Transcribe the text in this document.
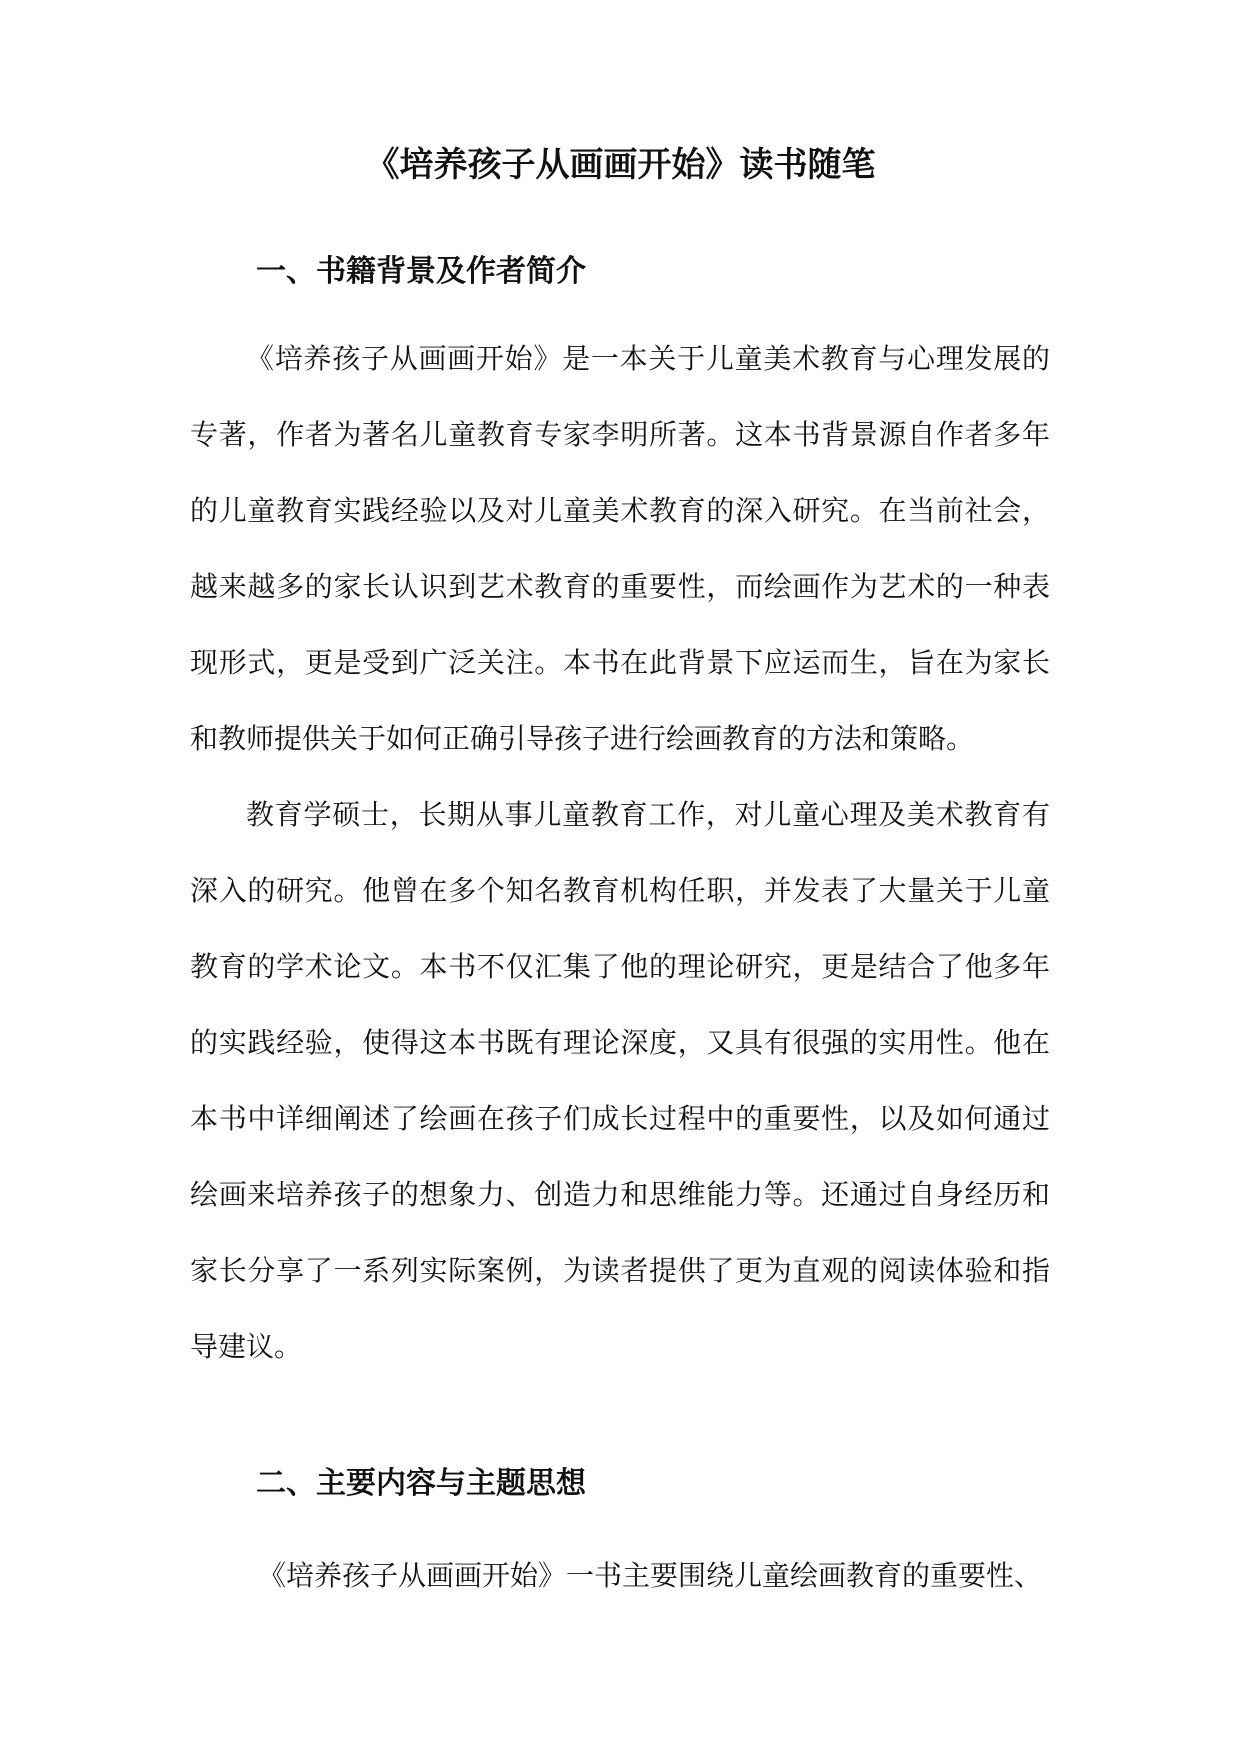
《培养孩子从画画开始》读书随笔
一、书籍背景及作者简介

《培养孩子从画画开始》是一本关于儿童美术教育与心理发展的专著，作者为著名儿童教育专家李明所著。这本书背景源自作者多年的儿童教育实践经验以及对儿童美术教育的深入研究。在当前社会，越来越多的家长认识到艺术教育的重要性，而绘画作为艺术的一种表现形式，更是受到广泛关注。本书在此背景下应运而生，旨在为家长和教师提供关于如何正确引导孩子进行绘画教育的方法和策略。

教育学硕士，长期从事儿童教育工作，对儿童心理及美术教育有深入的研究。他曾在多个知名教育机构任职，并发表了大量关于儿童教育的学术论文。本书不仅汇集了他的理论研究，更是结合了他多年的实践经验，使得这本书既有理论深度，又具有很强的实用性。他在本书中详细阐述了绘画在孩子们成长过程中的重要性，以及如何通过绘画来培养孩子的想象力、创造力和思维能力等。还通过自身经历和家长分享了一系列实际案例，为读者提供了更为直观的阅读体验和指导建议。

二、主要内容与主题思想

《培养孩子从画画开始》一书主要围绕儿童绘画教育的重要性、
